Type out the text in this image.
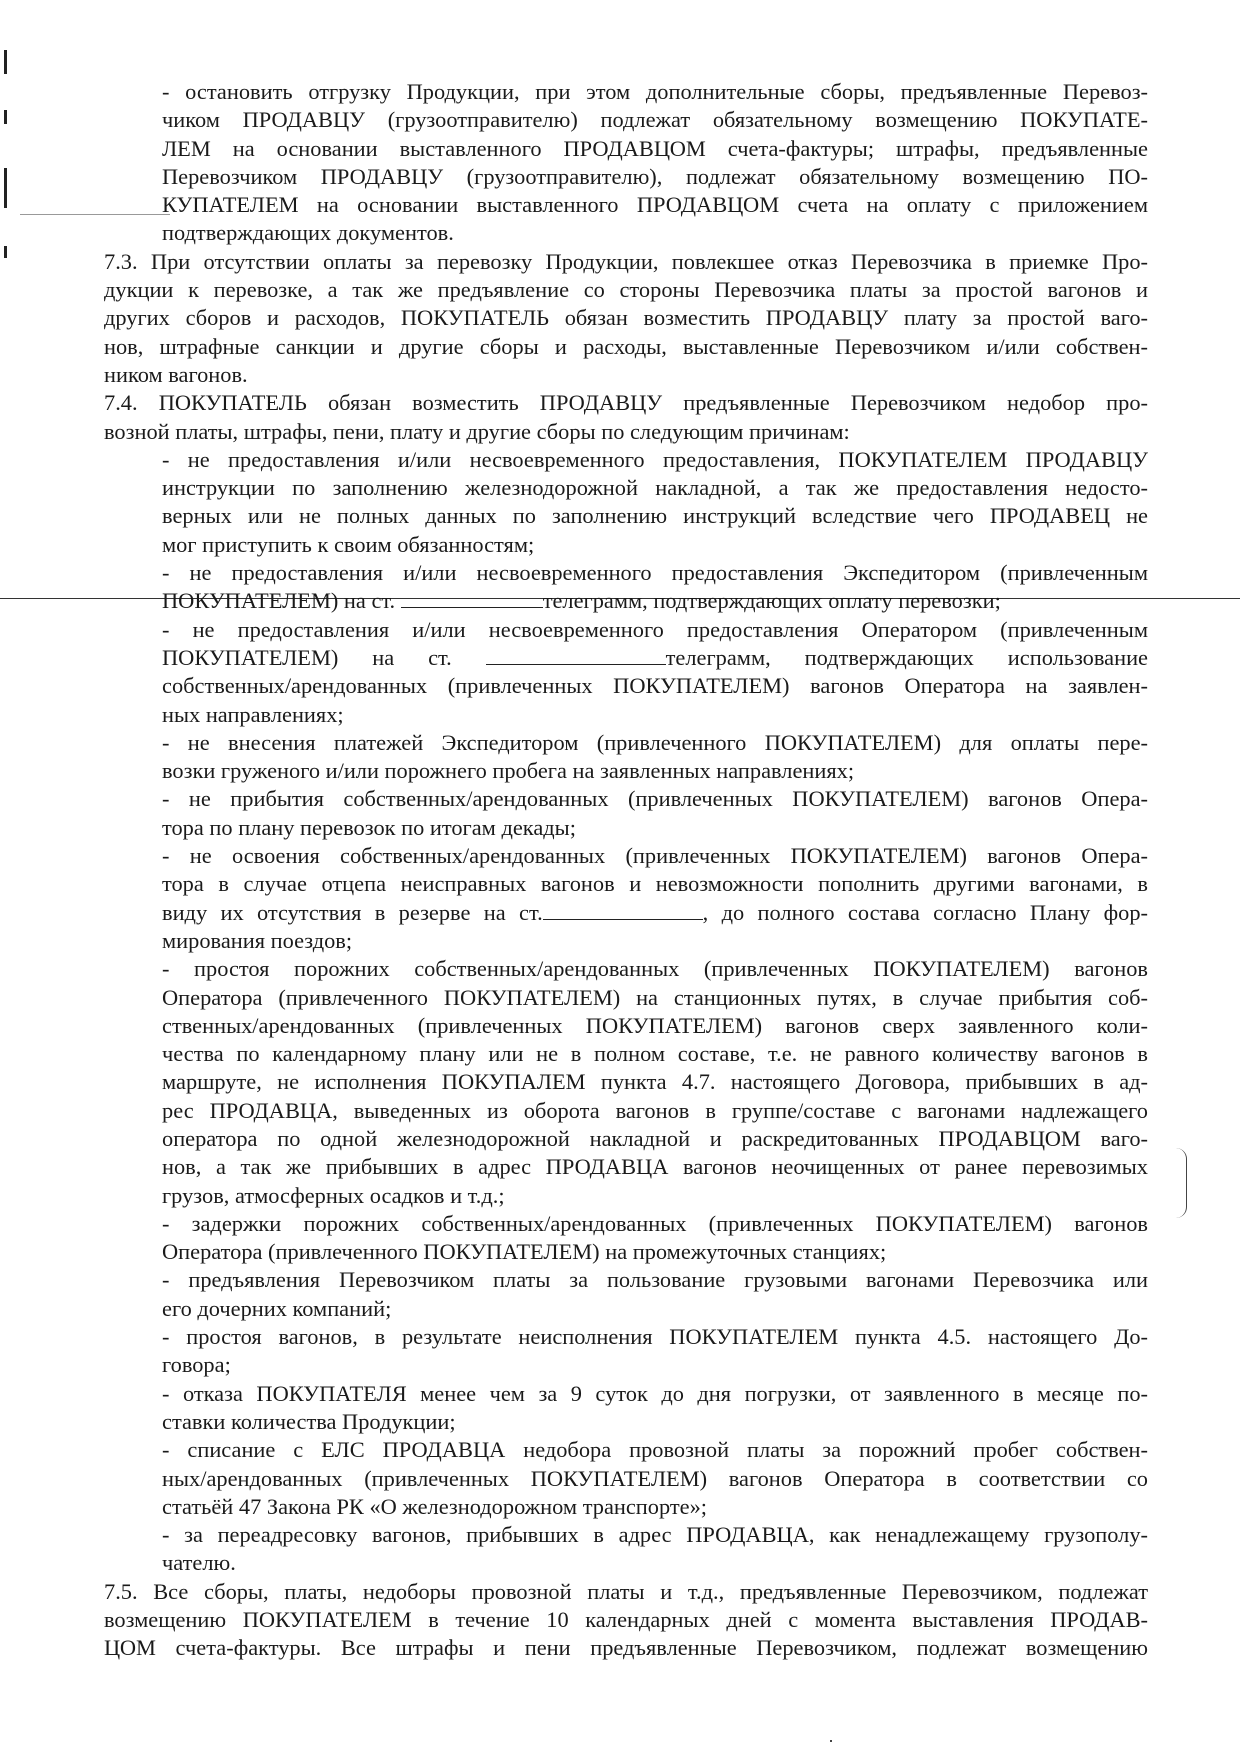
- остановить отгрузку Продукции, при этом дополнительные сборы, предъявленные Перевоз-
чиком ПРОДАВЦУ (грузоотправителю) подлежат обязательному возмещению ПОКУПАТЕ-
ЛЕМ на основании выставленного ПРОДАВЦОМ счета-фактуры; штрафы, предъявленные
Перевозчиком ПРОДАВЦУ (грузоотправителю), подлежат обязательному возмещению ПО-
КУПАТЕЛЕМ на основании выставленного ПРОДАВЦОМ счета на оплату с приложением
подтверждающих документов.
7.3. При отсутствии оплаты за перевозку Продукции, повлекшее отказ Перевозчика в приемке Про-
дукции к перевозке, а так же предъявление со стороны Перевозчика платы за простой вагонов и
других сборов и расходов, ПОКУПАТЕЛЬ обязан возместить ПРОДАВЦУ плату за простой ваго-
нов, штрафные санкции и другие сборы и расходы, выставленные Перевозчиком и/или собствен-
ником вагонов.
7.4. ПОКУПАТЕЛЬ обязан возместить ПРОДАВЦУ предъявленные Перевозчиком недобор про-
возной платы, штрафы, пени, плату и другие сборы по следующим причинам:
- не предоставления и/или несвоевременного предоставления, ПОКУПАТЕЛЕМ ПРОДАВЦУ
инструкции по заполнению железнодорожной накладной, а так же предоставления недосто-
верных или не полных данных по заполнению инструкций вследствие чего ПРОДАВЕЦ не
мог приступить к своим обязанностям;
- не предоставления и/или несвоевременного предоставления Экспедитором (привлеченным
ПОКУПАТЕЛЕМ) на ст.	телеграмм, подтверждающих оплату перевозки;
- не предоставления и/или несвоевременного предоставления Оператором (привлеченным
ПОКУПАТЕЛЕМ) на ст.	телеграмм, подтверждающих использование
собственных/арендованных (привлеченных ПОКУПАТЕЛЕМ) вагонов Оператора на заявлен-
ных направлениях;
- не внесения платежей Экспедитором (привлеченного ПОКУПАТЕЛЕМ) для оплаты пере-
возки груженого и/или порожнего пробега на заявленных направлениях;
- не прибытия собственных/арендованных (привлеченных ПОКУПАТЕЛЕМ) вагонов Опера-
тора по плану перевозок по итогам декады;
- не освоения собственных/арендованных (привлеченных ПОКУПАТЕЛЕМ) вагонов Опера-
тора в случае отцепа неисправных вагонов и невозможности пополнить другими вагонами, в
виду их отсутствия в резерве на ст.	, до полного состава согласно Плану фор-
мирования поездов;
- простоя порожних собственных/арендованных (привлеченных ПОКУПАТЕЛЕМ) вагонов
Оператора (привлеченного ПОКУПАТЕЛЕМ) на станционных путях, в случае прибытия соб-
ственных/арендованных (привлеченных ПОКУПАТЕЛЕМ) вагонов сверх заявленного коли-
чества по календарному плану или не в полном составе, т.е. не равного количеству вагонов в
маршруте, не исполнения ПОКУПАЛЕМ пункта 4.7. настоящего Договора, прибывших в ад-
рес ПРОДАВЦА, выведенных из оборота вагонов в группе/составе с вагонами надлежащего
оператора по одной железнодорожной накладной и раскредитованных ПРОДАВЦОМ ваго-
нов, а так же прибывших в адрес ПРОДАВЦА вагонов неочищенных от ранее перевозимых
грузов, атмосферных осадков и т.д.;
- задержки порожних собственных/арендованных (привлеченных ПОКУПАТЕЛЕМ) вагонов
Оператора (привлеченного ПОКУПАТЕЛЕМ) на промежуточных станциях;
- предъявления Перевозчиком платы за пользование грузовыми вагонами Перевозчика или
его дочерних компаний;
- простоя вагонов, в результате неисполнения ПОКУПАТЕЛЕМ пункта 4.5. настоящего До-
говора;
- отказа ПОКУПАТЕЛЯ менее чем за 9 суток до дня погрузки, от заявленного в месяце по-
ставки количества Продукции;
- списание с ЕЛС ПРОДАВЦА недобора провозной платы за порожний пробег собствен-
ных/арендованных (привлеченных ПОКУПАТЕЛЕМ) вагонов Оператора в соответствии со
статьёй 47 Закона РК «О железнодорожном транспорте»;
- за переадресовку вагонов, прибывших в адрес ПРОДАВЦА, как ненадлежащему грузополу-
чателю.
7.5. Все сборы, платы, недоборы провозной платы и т.д., предъявленные Перевозчиком, подлежат
возмещению ПОКУПАТЕЛЕМ в течение 10 календарных дней с момента выставления ПРОДАВ-
ЦОМ счета-фактуры. Все штрафы и пени предъявленные Перевозчиком, подлежат возмещению
